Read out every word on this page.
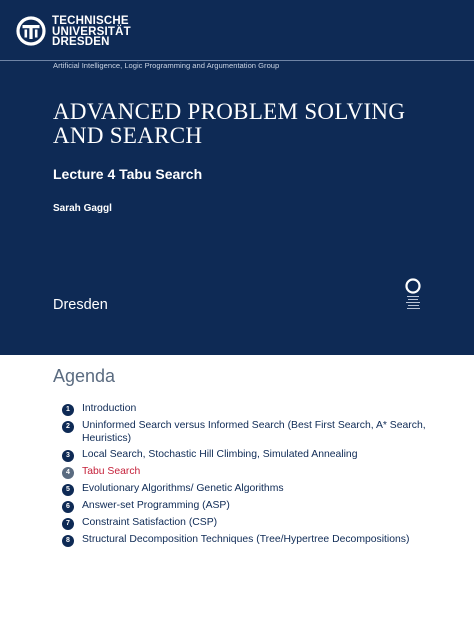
TECHNISCHE
UNIVERSITÄT
DRESDEN
Artificial Intelligence, Logic Programming and Argumentation Group
ADVANCED PROBLEM SOLVING
AND SEARCH
Lecture 4 Tabu Search
Sarah Gaggl
Dresden
Agenda
1	Introduction
2	Uninformed Search versus Informed Search (Best First Search, A* Search, Heuristics)
3	Local Search, Stochastic Hill Climbing, Simulated Annealing
4	Tabu Search
5	Evolutionary Algorithms/ Genetic Algorithms
6	Answer-set Programming (ASP)
7	Constraint Satisfaction (CSP)
8	Structural Decomposition Techniques (Tree/Hypertree Decompositions)
